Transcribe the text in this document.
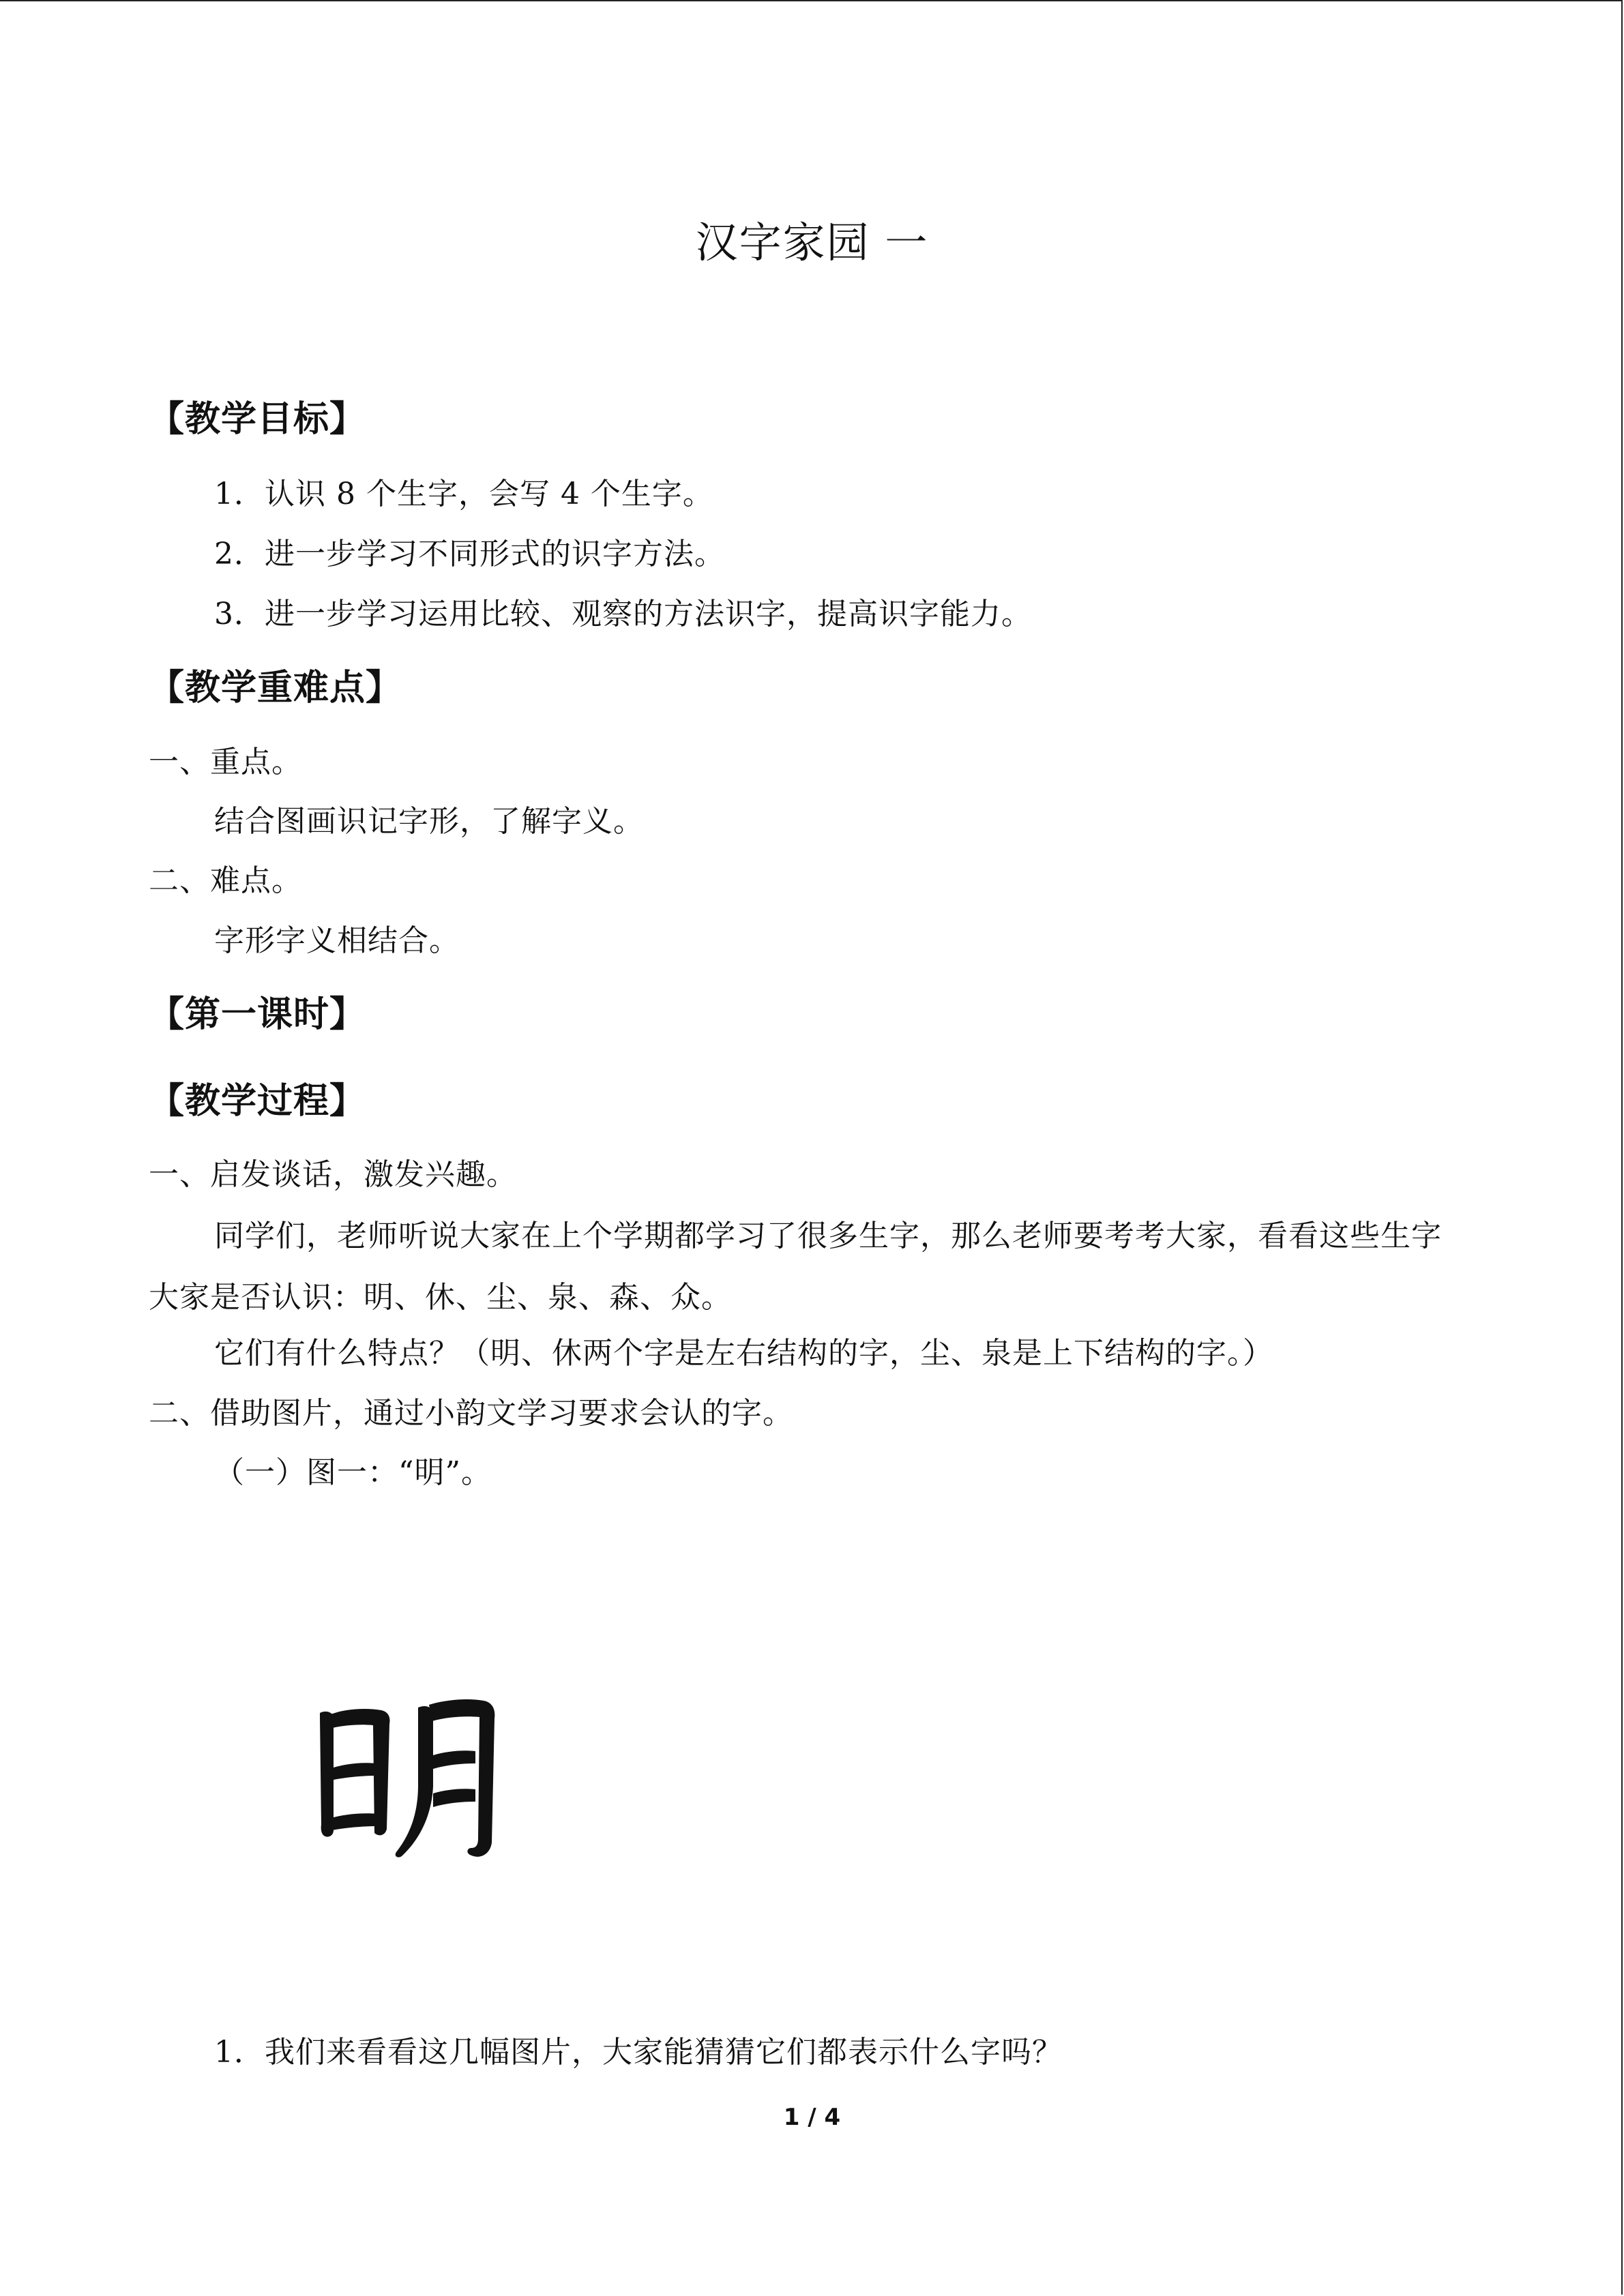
汉字家园 一
【教学目标】
1．认识 8 个生字，会写 4 个生字。
2．进一步学习不同形式的识字方法。
3．进一步学习运用比较、观察的方法识字，提高识字能力。
【教学重难点】
一、重点。
结合图画识记字形，了解字义。
二、难点。
字形字义相结合。
【第一课时】
【教学过程】
一、启发谈话，激发兴趣。
同学们，老师听说大家在上个学期都学习了很多生字，那么老师要考考大家，看看这些生字大家是否认识：明、休、尘、泉、森、众。
它们有什么特点？（明、休两个字是左右结构的字，尘、泉是上下结构的字。）
二、借助图片，通过小韵文学习要求会认的字。
（一）图一：“明”。
1．我们来看看这几幅图片，大家能猜猜它们都表示什么字吗？
1 / 4
